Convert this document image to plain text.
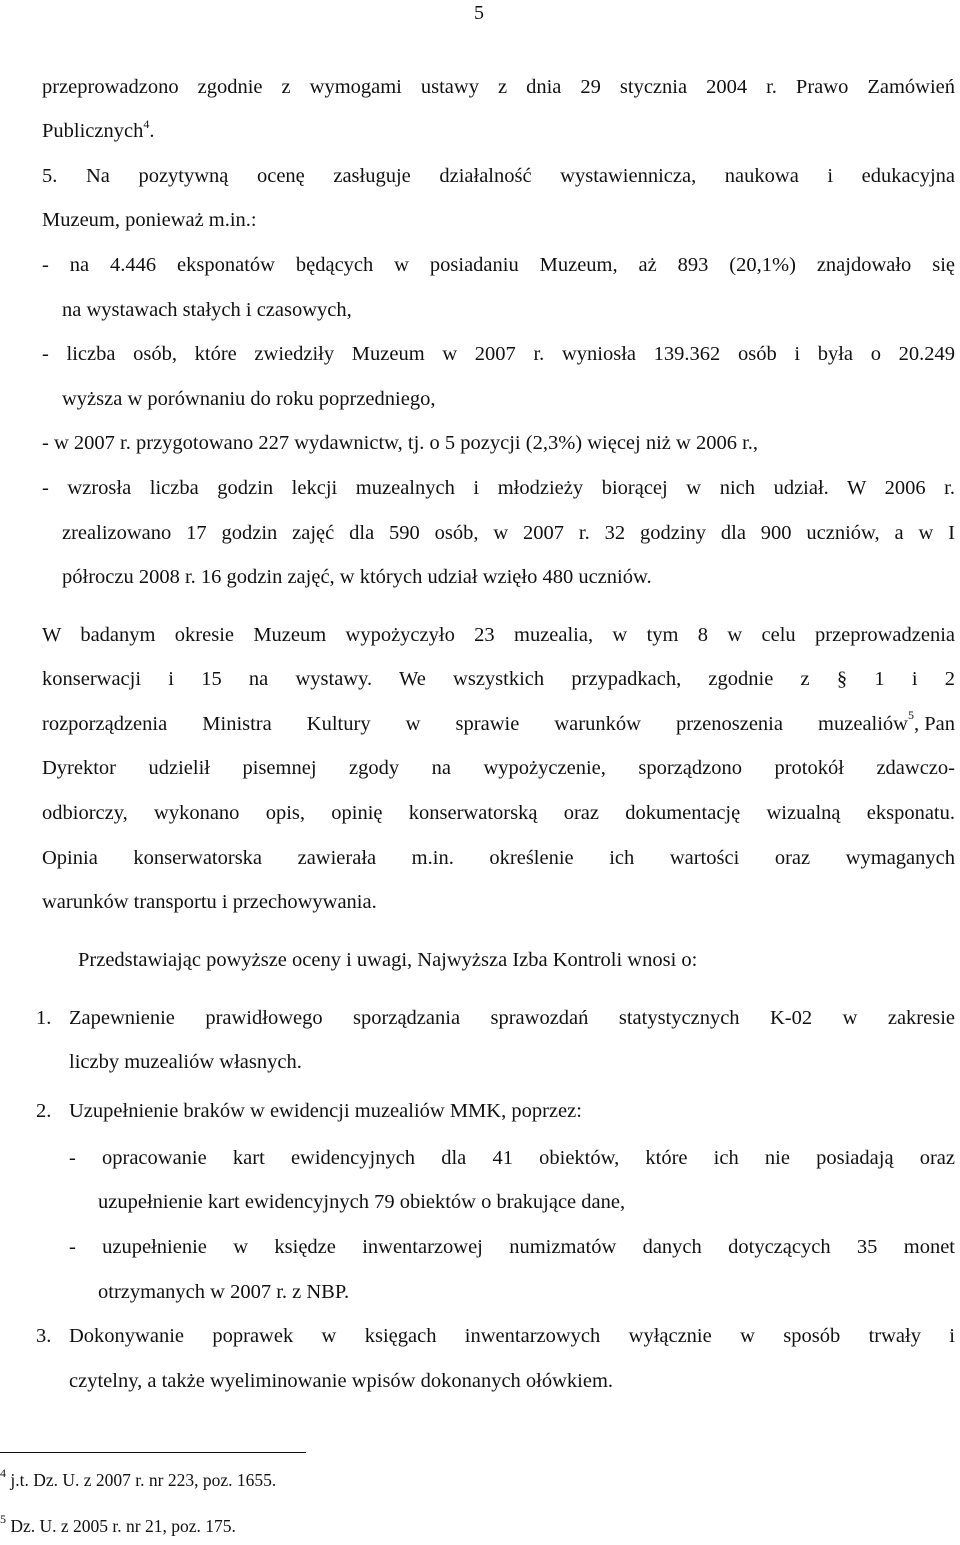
5
przeprowadzono zgodnie z wymogami ustawy z dnia 29 stycznia 2004 r. Prawo Zamówień
Publicznych$^4$.
5. Na pozytywną ocenę zasługuje działalność wystawiennicza, naukowa i edukacyjna
Muzeum, ponieważ m.in.:
- na 4.446 eksponatów będących w posiadaniu Muzeum, aż 893 (20,1%) znajdowało się
na wystawach stałych i czasowych,
- liczba osób, które zwiedziły Muzeum w 2007 r. wyniosła 139.362 osób i była o 20.249
wyższa w porównaniu do roku poprzedniego,
- w 2007 r. przygotowano 227 wydawnictw, tj. o 5 pozycji (2,3%) więcej niż w 2006 r.,
- wzrosła liczba godzin lekcji muzealnych i młodzieży biorącej w nich udział. W 2006 r.
zrealizowano 17 godzin zajęć dla 590 osób, w 2007 r. 32 godziny dla 900 uczniów, a w I
półroczu 2008 r. 16 godzin zajęć, w których udział wzięło 480 uczniów.
W badanym okresie Muzeum wypożyczyło 23 muzealia, w tym 8 w celu przeprowadzenia
konserwacji i 15 na wystawy. We wszystkich przypadkach, zgodnie z § 1 i 2
rozporządzenia Ministra Kultury w sprawie warunków przenoszenia muzealiów$^5$ , Pan
Dyrektor udzielił pisemnej zgody na wypożyczenie, sporządzono protokół zdawczo-
odbiorczy, wykonano opis, opinię konserwatorską oraz dokumentację wizualną eksponatu.
Opinia konserwatorska zawierała m.in. określenie ich wartości oraz wymaganych
warunków transportu i przechowywania.
Przedstawiając powyższe oceny i uwagi, Najwyższa Izba Kontroli wnosi o:
1. Zapewnienie prawidłowego sporządzania sprawozdań statystycznych K-02 w zakresie
liczby muzealiów własnych.
2. Uzupełnienie braków w ewidencji muzealiów MMK, poprzez:
- opracowanie kart ewidencyjnych dla 41 obiektów, które ich nie posiadają oraz
uzupełnienie kart ewidencyjnych 79 obiektów o brakujące dane,
- uzupełnienie w księdze inwentarzowej numizmatów danych dotyczących 35 monet
otrzymanych w 2007 r. z NBP.
3. Dokonywanie poprawek w księgach inwentarzowych wyłącznie w sposób trwały i
czytelny, a także wyeliminowanie wpisów dokonanych ołówkiem.
$^4$ j.t. Dz. U. z 2007 r. nr 223, poz. 1655.
$^5$ Dz. U. z 2005 r. nr 21, poz. 175.
